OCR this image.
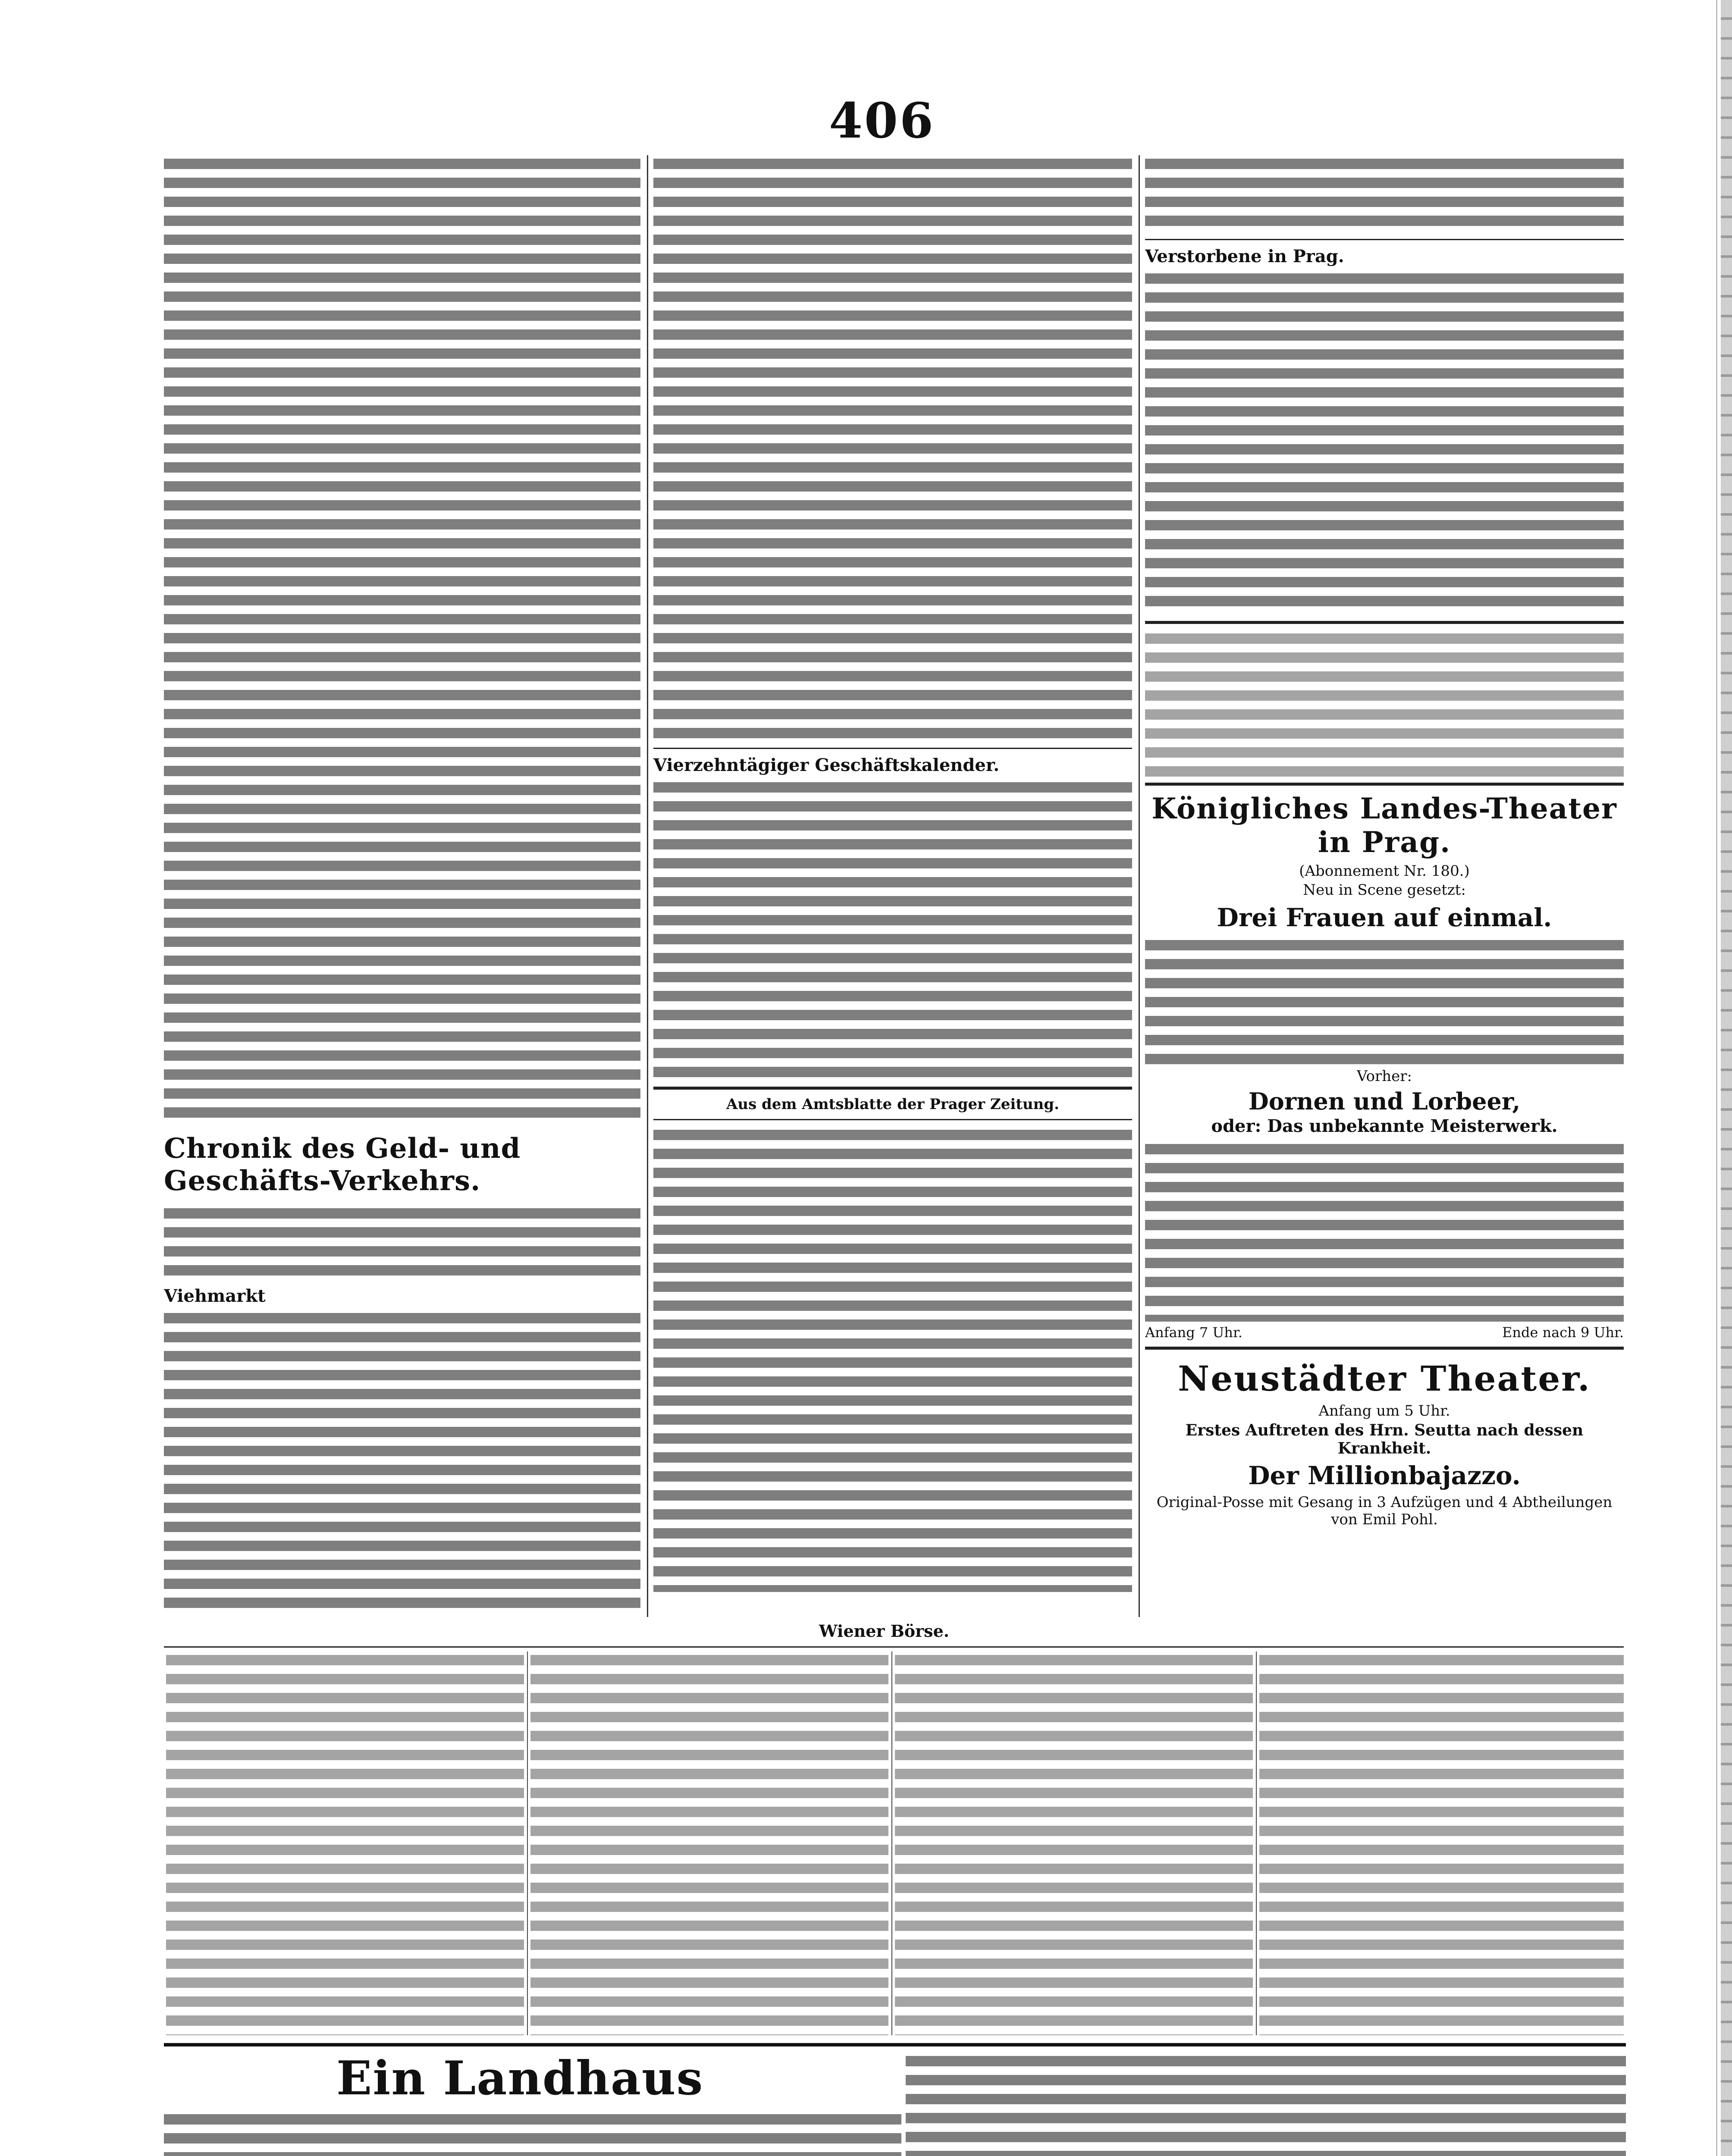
406
Chronik des Geld- und Geschäfts-Verkehrs.
Viehmarkt
Vierzehntägiger Geschäftskalender.
Aus dem Amtsblatte der Prager Zeitung.
Verstorbene in Prag.
Königliches Landes-Theater in Prag.
(Abonnement Nr. 180.)
Neu in Scene gesetzt:
Drei Frauen auf einmal.
Vorher:
Dornen und Lorbeer,
oder: Das unbekannte Meisterwerk.
Anfang 7 Uhr.	Ende nach 9 Uhr.
Neustädter Theater.
Anfang um 5 Uhr.
Erstes Auftreten des Hrn. Seutta nach dessen Krankheit.
Der Millionbajazzo.
Original-Posse mit Gesang in 3 Aufzügen und 4 Abtheilungen von Emil Pohl.
Wiener Börse.
Ein Landhaus
